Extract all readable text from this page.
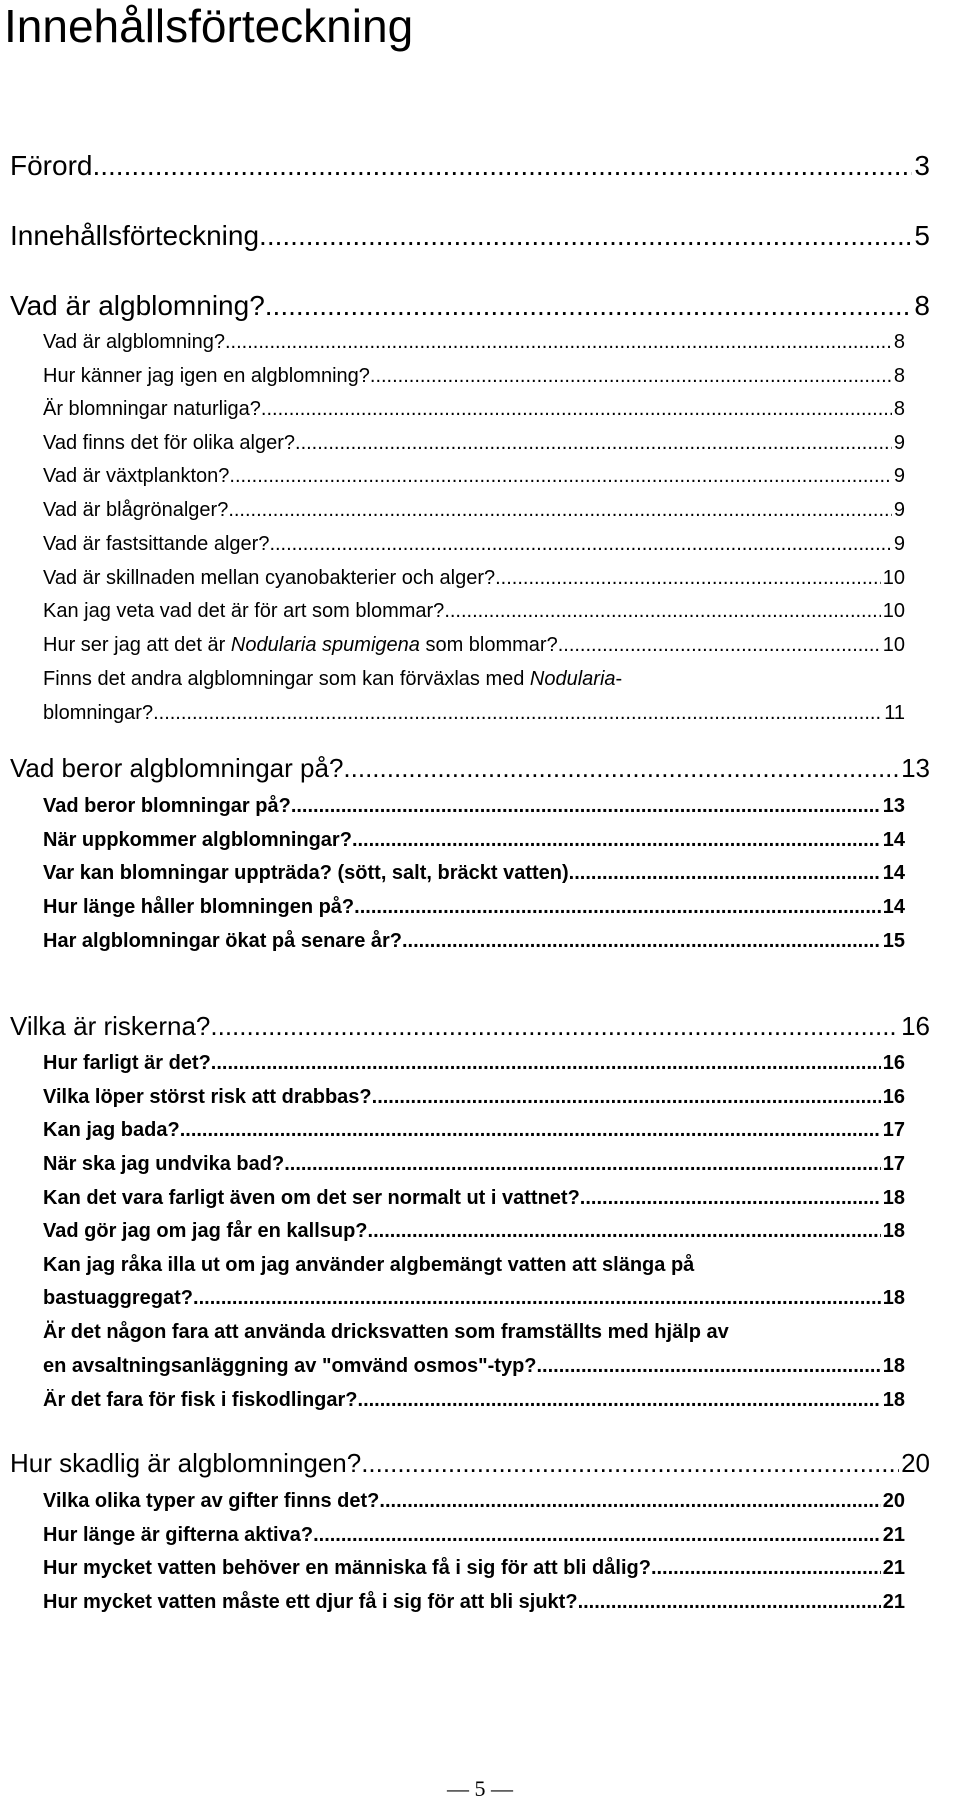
Innehållsförteckning
Förord .....	3
Innehållsförteckning .....	5
Vad är algblomning? .....	8
Vad är algblomning? .....	8
Hur känner jag igen en algblomning? .....	8
Är blomningar naturliga? .....	8
Vad finns det för olika alger? .....	9
Vad är växtplankton? .....	9
Vad är blågrönalger? .....	9
Vad är fastsittande alger? .....	9
Vad är skillnaden mellan cyanobakterier och alger? .....	10
Kan jag veta vad det är för art som blommar? .....	10
Hur ser jag att det är Nodularia spumigena som blommar? .....	10
Finns det andra algblomningar som kan förväxlas med Nodularia-
blomningar? .....	11
Vad beror algblomningar på? .....	13
Vad beror blomningar på? .....	13
När uppkommer algblomningar? .....	14
Var kan blomningar uppträda? (sött, salt, bräckt vatten) .....	14
Hur länge håller blomningen på? .....	14
Har algblomningar ökat på senare år? .....	15
Vilka är riskerna? .....	16
Hur farligt är det? .....	16
Vilka löper störst risk att drabbas? .....	16
Kan jag bada? .....	17
När ska jag undvika bad? .....	17
Kan det vara farligt även om det ser normalt ut i vattnet? .....	18
Vad gör jag om jag får en kallsup? .....	18
Kan jag råka illa ut om jag använder algbemängt vatten att slänga på
bastuaggregat? .....	18
Är det någon fara att använda dricksvatten som framställts med hjälp av
en avsaltningsanläggning av "omvänd osmos"-typ? .....	18
Är det fara för fisk i fiskodlingar? .....	18
Hur skadlig är algblomningen? .....	20
Vilka olika typer av gifter finns det? .....	20
Hur länge är gifterna aktiva? .....	21
Hur mycket vatten behöver en människa få i sig för att bli dålig? .....	21
Hur mycket vatten måste ett djur få i sig för att bli sjukt? .....	21
— 5 —
